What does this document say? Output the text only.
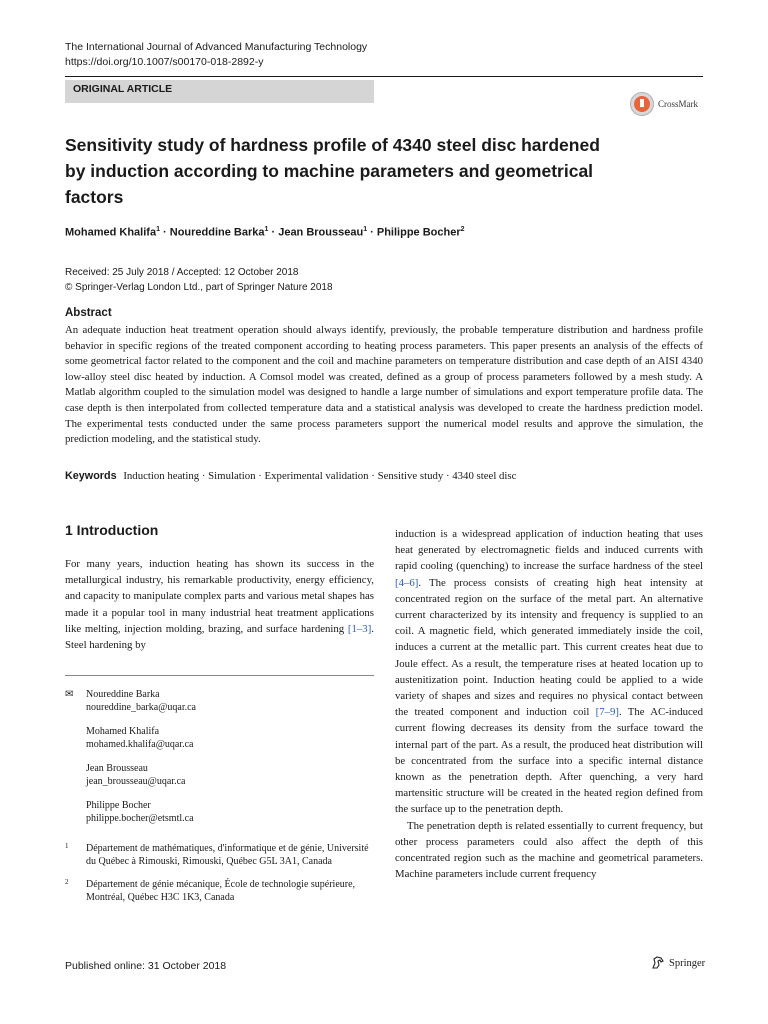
The International Journal of Advanced Manufacturing Technology
https://doi.org/10.1007/s00170-018-2892-y
ORIGINAL ARTICLE
CrossMark
Sensitivity study of hardness profile of 4340 steel disc hardened by induction according to machine parameters and geometrical factors
Mohamed Khalifa$^1$ · Noureddine Barka$^1$ · Jean Brousseau$^1$ · Philippe Bocher$^2$
Received: 25 July 2018 / Accepted: 12 October 2018
© Springer-Verlag London Ltd., part of Springer Nature 2018
Abstract
An adequate induction heat treatment operation should always identify, previously, the probable temperature distribution and hardness profile behavior in specific regions of the treated component according to heating process parameters. This paper presents an analysis of the effects of some geometrical factor related to the component and the coil and machine parameters on temperature distribution and case depth of an AISI 4340 low-alloy steel disc heated by induction. A Comsol model was created, defined as a group of process parameters followed by a mesh study. A Matlab algorithm coupled to the simulation model was designed to handle a large number of simulations and export temperature profile data. The case depth is then interpolated from collected temperature data and a statistical analysis was developed to create the hardness prediction model. The experimental tests conducted under the same process parameters support the numerical model results and approve the simulation, the prediction modeling, and the statistical study.
Keywords Induction heating · Simulation · Experimental validation · Sensitive study · 4340 steel disc
1 Introduction

For many years, induction heating has shown its success in the metallurgical industry, his remarkable productivity, energy efficiency, and capacity to manipulate complex parts and various metal shapes has made it a popular tool in many industrial heat treatment applications like melting, injection molding, brazing, and surface hardening [1–3]. Steel hardening by

✉	Noureddine Barka
noureddine_barka@uqar.ca
Mohamed Khalifa
mohamed.khalifa@uqar.ca
Jean Brousseau
jean_brousseau@uqar.ca
Philippe Bocher
philippe.bocher@etsmtl.ca
1	Département de mathématiques, d'informatique et de génie, Université du Québec à Rimouski, Rimouski, Québec G5L 3A1, Canada
2	Département de génie mécanique, École de technologie supérieure, Montréal, Québec H3C 1K3, Canada

induction is a widespread application of induction heating that uses heat generated by electromagnetic fields and induced currents with rapid cooling (quenching) to increase the surface hardness of the steel [4–6]. The process consists of creating high heat intensity at concentrated region on the surface of the metal part. An alternative current characterized by its intensity and frequency is supplied to an coil. A magnetic field, which generated immediately inside the coil, induces a current at the metallic part. This current creates heat due to Joule effect. As a result, the temperature rises at heated location up to austenitization point. Induction heating could be applied to a wide variety of shapes and sizes and requires no physical contact between the treated component and induction coil [7–9]. The AC-induced current flowing decreases its density from the surface toward the internal part of the part. As a result, the produced heat distribution will be concentrated from the surface into a specific internal distance known as the penetration depth. After quenching, a very hard martensitic structure will be created in the heated region defined from the surface up to the penetration depth.

The penetration depth is related essentially to current frequency, but other process parameters could also affect the depth of this concentrated region such as the machine and geometrical parameters. Machine parameters include current frequency

Published online: 31 October 2018	Springer
